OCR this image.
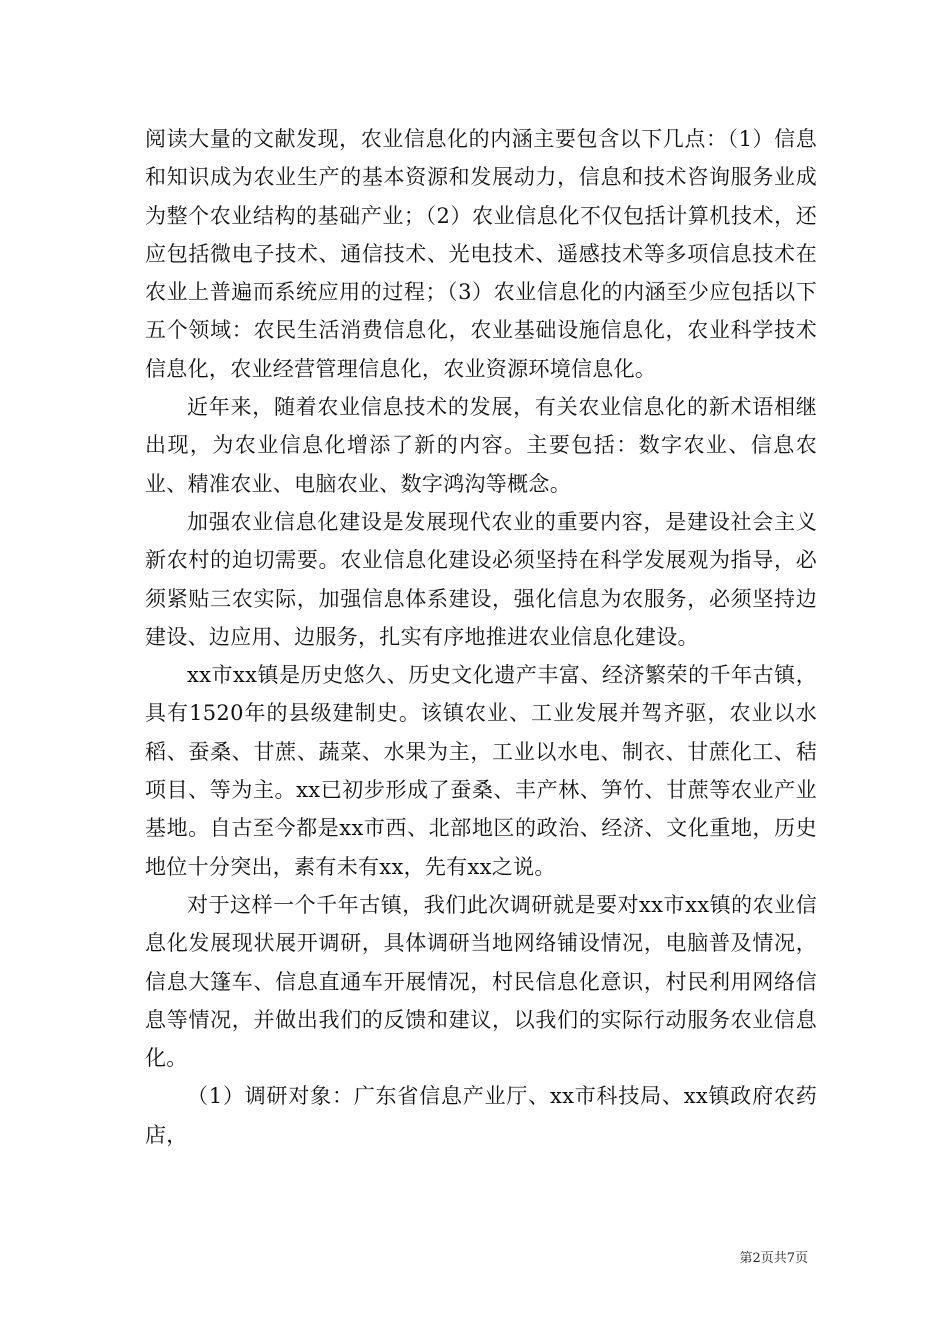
阅读大量的文献发现，农业信息化的内涵主要包含以下几点：（1）信息和知识成为农业生产的基本资源和发展动力，信息和技术咨询服务业成为整个农业结构的基础产业；（2）农业信息化不仅包括计算机技术，还应包括微电子技术、通信技术、光电技术、遥感技术等多项信息技术在农业上普遍而系统应用的过程；（3）农业信息化的内涵至少应包括以下五个领域：农民生活消费信息化，农业基础设施信息化，农业科学技术信息化，农业经营管理信息化，农业资源环境信息化。

近年来，随着农业信息技术的发展，有关农业信息化的新术语相继出现，为农业信息化增添了新的内容。主要包括：数字农业、信息农业、精准农业、电脑农业、数字鸿沟等概念。

加强农业信息化建设是发展现代农业的重要内容，是建设社会主义新农村的迫切需要。农业信息化建设必须坚持在科学发展观为指导，必须紧贴三农实际，加强信息体系建设，强化信息为农服务，必须坚持边建设、边应用、边服务，扎实有序地推进农业信息化建设。

xx市xx镇是历史悠久、历史文化遗产丰富、经济繁荣的千年古镇，具有1520年的县级建制史。该镇农业、工业发展并驾齐驱，农业以水稻、蚕桑、甘蔗、蔬菜、水果为主，工业以水电、制衣、甘蔗化工、秸项目、等为主。xx已初步形成了蚕桑、丰产林、笋竹、甘蔗等农业产业基地。自古至今都是xx市西、北部地区的政治、经济、文化重地，历史地位十分突出，素有未有xx，先有xx之说。

对于这样一个千年古镇，我们此次调研就是要对xx市xx镇的农业信息化发展现状展开调研，具体调研当地网络铺设情况，电脑普及情况，信息大篷车、信息直通车开展情况，村民信息化意识，村民利用网络信息等情况，并做出我们的反馈和建议，以我们的实际行动服务农业信息化。

（1）调研对象：广东省信息产业厅、xx市科技局、xx镇政府农药店，

第2页共7页
